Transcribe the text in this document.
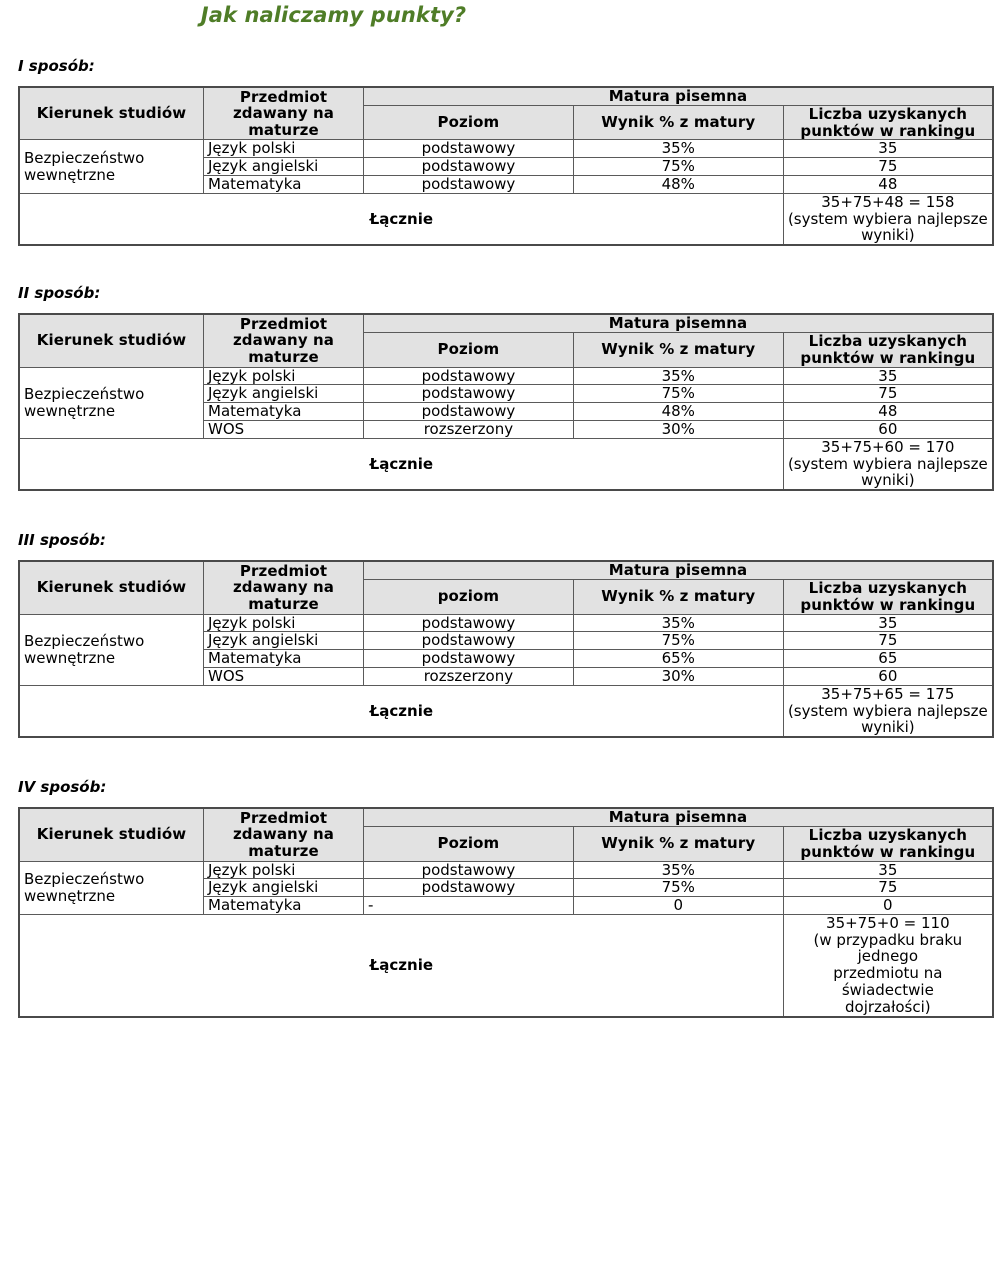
Jak naliczamy punkty?
I sposób:
Kierunek studiów	Przedmiot zdawany na maturze	Matura pisemna		
		Poziom	Wynik % z matury	Liczba uzyskanych punktów w rankingu
Bezpieczeństwo wewnętrzne	Język polski	podstawowy	35%	35
	Język angielski	podstawowy	75%	75
	Matematyka	podstawowy	48%	48
Łącznie				35+75+48 = 158
(system wybiera najlepsze
wyniki)
II sposób:
Kierunek studiów	Przedmiot zdawany na maturze	Matura pisemna		
		Poziom	Wynik % z matury	Liczba uzyskanych punktów w rankingu
Bezpieczeństwo wewnętrzne	Język polski	podstawowy	35%	35
	Język angielski	podstawowy	75%	75
	Matematyka	podstawowy	48%	48
	WOS	rozszerzony	30%	60
Łącznie				35+75+60 = 170
(system wybiera najlepsze
wyniki)
III sposób:
Kierunek studiów	Przedmiot zdawany na maturze	Matura pisemna		
		poziom	Wynik % z matury	Liczba uzyskanych punktów w rankingu
Bezpieczeństwo wewnętrzne	Język polski	podstawowy	35%	35
	Język angielski	podstawowy	75%	75
	Matematyka	podstawowy	65%	65
	WOS	rozszerzony	30%	60
Łącznie				35+75+65 = 175
(system wybiera najlepsze
wyniki)
IV sposób:
Kierunek studiów	Przedmiot zdawany na maturze	Matura pisemna		
		Poziom	Wynik % z matury	Liczba uzyskanych punktów w rankingu
Bezpieczeństwo wewnętrzne	Język polski	podstawowy	35%	35
	Język angielski	podstawowy	75%	75
	Matematyka	-	0	0
Łącznie				35+75+0 = 110
(w przypadku braku jednego
przedmiotu na świadectwie
dojrzałości)
